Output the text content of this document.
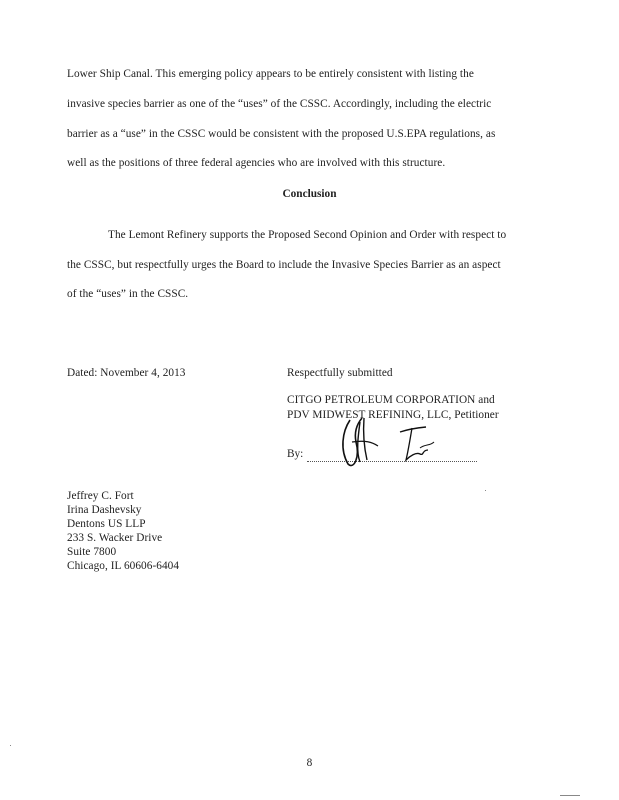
Lower Ship Canal. This emerging policy appears to be entirely consistent with listing the
invasive species barrier as one of the “uses” of the CSSC. Accordingly, including the electric
barrier as a “use” in the CSSC would be consistent with the proposed U.S.EPA regulations, as
well as the positions of three federal agencies who are involved with this structure.
Conclusion
The Lemont Refinery supports the Proposed Second Opinion and Order with respect to
the CSSC, but respectfully urges the Board to include the Invasive Species Barrier as an aspect
of the “uses” in the CSSC.
Dated: November 4, 2013	Respectfully submitted
CITGO PETROLEUM CORPORATION and
PDV MIDWEST REFINING, LLC, Petitioner
By:
Jeffrey C. Fort
Irina Dashevsky
Dentons US LLP
233 S. Wacker Drive
Suite 7800
Chicago, IL 60606-6404
8
